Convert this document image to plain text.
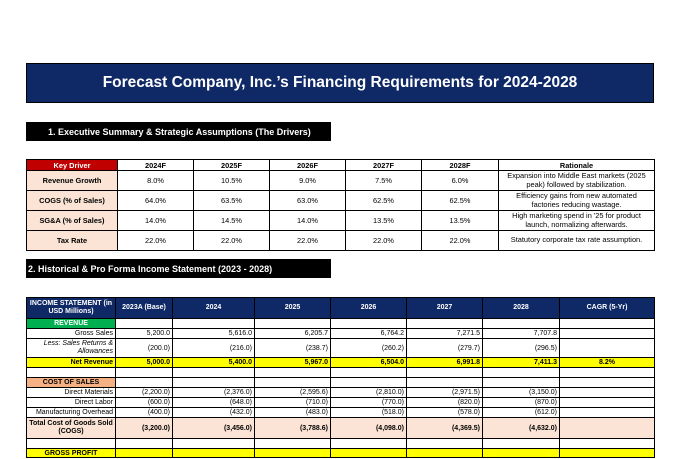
Forecast Company, Inc.’s Financing Requirements for 2024-2028
1. Executive Summary & Strategic Assumptions (The Drivers)
Key Driver	2024F	2025F	2026F	2027F	2028F	Rationale
Revenue Growth	8.0%	10.5%	9.0%	7.5%	6.0%	Expansion into Middle East markets (2025 peak) followed by stabilization.
COGS (% of Sales)	64.0%	63.5%	63.0%	62.5%	62.5%	Efficiency gains from new automated factories reducing wastage.
SG&A (% of Sales)	14.0%	14.5%	14.0%	13.5%	13.5%	High marketing spend in '25 for product launch, normalizing afterwards.
Tax Rate	22.0%	22.0%	22.0%	22.0%	22.0%	Statutory corporate tax rate assumption.
2. Historical & Pro Forma Income Statement (2023 - 2028)
INCOME STATEMENT (in USD Millions)	2023A (Base)	2024	2025	2026	2027	2028	CAGR (5-Yr)
REVENUE							
Gross Sales	5,200.0	5,616.0	6,205.7	6,764.2	7,271.5	7,707.8	
Less: Sales Returns & Allowances	(200.0)	(216.0)	(238.7)	(260.2)	(279.7)	(296.5)	
Net Revenue	5,000.0	5,400.0	5,967.0	6,504.0	6,991.8	7,411.3	8.2%

COST OF SALES							
Direct Materials	(2,200.0)	(2,376.0)	(2,595.6)	(2,810.0)	(2,971.5)	(3,150.0)	
Direct Labor	(600.0)	(648.0)	(710.0)	(770.0)	(820.0)	(870.0)	
Manufacturing Overhead	(400.0)	(432.0)	(483.0)	(518.0)	(578.0)	(612.0)	
Total Cost of Goods Sold (COGS)	(3,200.0)	(3,456.0)	(3,788.6)	(4,098.0)	(4,369.5)	(4,632.0)	

GROSS PROFIT							
